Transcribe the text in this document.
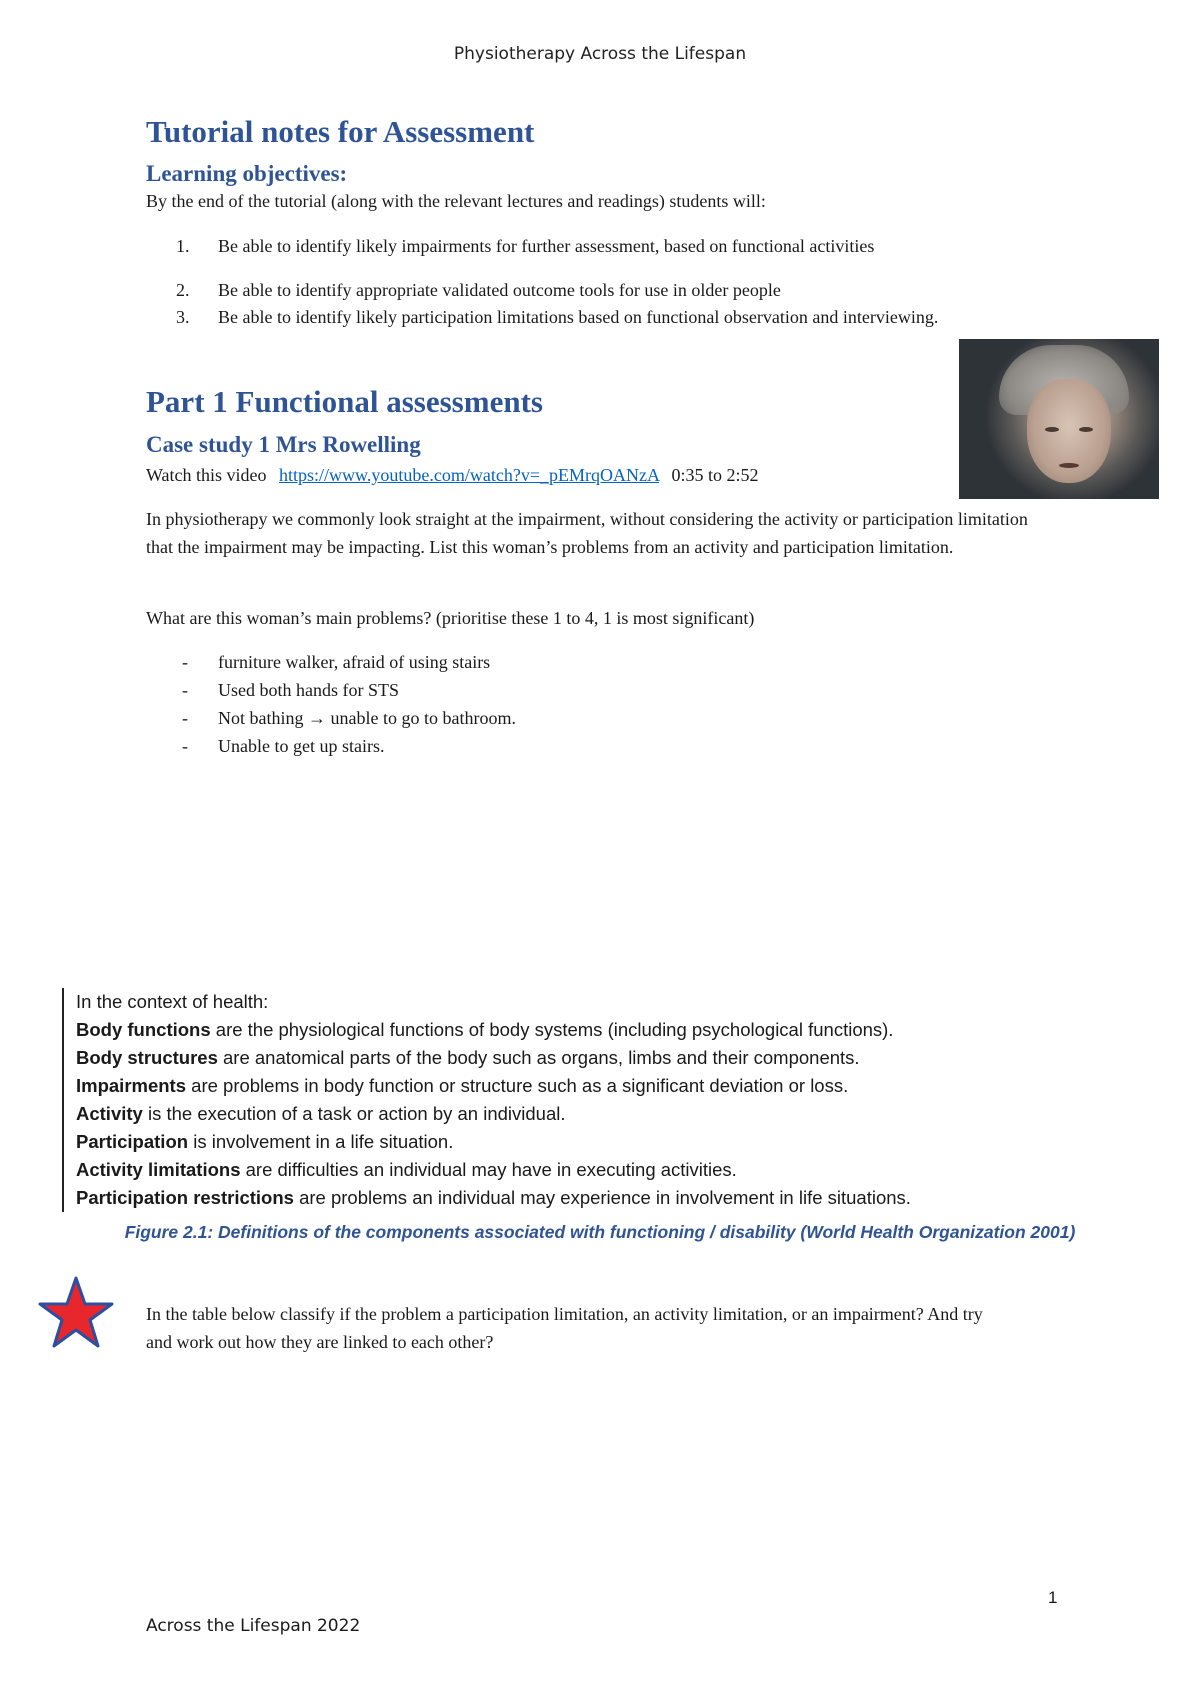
Physiotherapy Across the Lifespan
Tutorial notes for Assessment
Learning objectives:
By the end of the tutorial (along with the relevant lectures and readings) students will:
1.	Be able to identify likely impairments for further assessment, based on functional activities
2.	Be able to identify appropriate validated outcome tools for use in older people
3.	Be able to identify likely participation limitations based on functional observation and interviewing.
Part 1 Functional assessments
Case study 1 Mrs Rowelling
Watch this video https://www.youtube.com/watch?v=_pEMrqOANzA 0:35 to 2:52
In physiotherapy we commonly look straight at the impairment, without considering the activity or participation limitation that the impairment may be impacting. List this woman’s problems from an activity and participation limitation.
What are this woman’s main problems? (prioritise these 1 to 4, 1 is most significant)
-	furniture walker, afraid of using stairs
-	Used both hands for STS
-	Not bathing → unable to go to bathroom.
-	Unable to get up stairs.
In the context of health:
Body functions are the physiological functions of body systems (including psychological functions).
Body structures are anatomical parts of the body such as organs, limbs and their components.
Impairments are problems in body function or structure such as a significant deviation or loss.
Activity is the execution of a task or action by an individual.
Participation is involvement in a life situation.
Activity limitations are difficulties an individual may have in executing activities.
Participation restrictions are problems an individual may experience in involvement in life situations.
Figure 2.1: Definitions of the components associated with functioning / disability (World Health Organization 2001)
In the table below classify if the problem a participation limitation, an activity limitation, or an impairment? And try and work out how they are linked to each other?
1
Across the Lifespan 2022
